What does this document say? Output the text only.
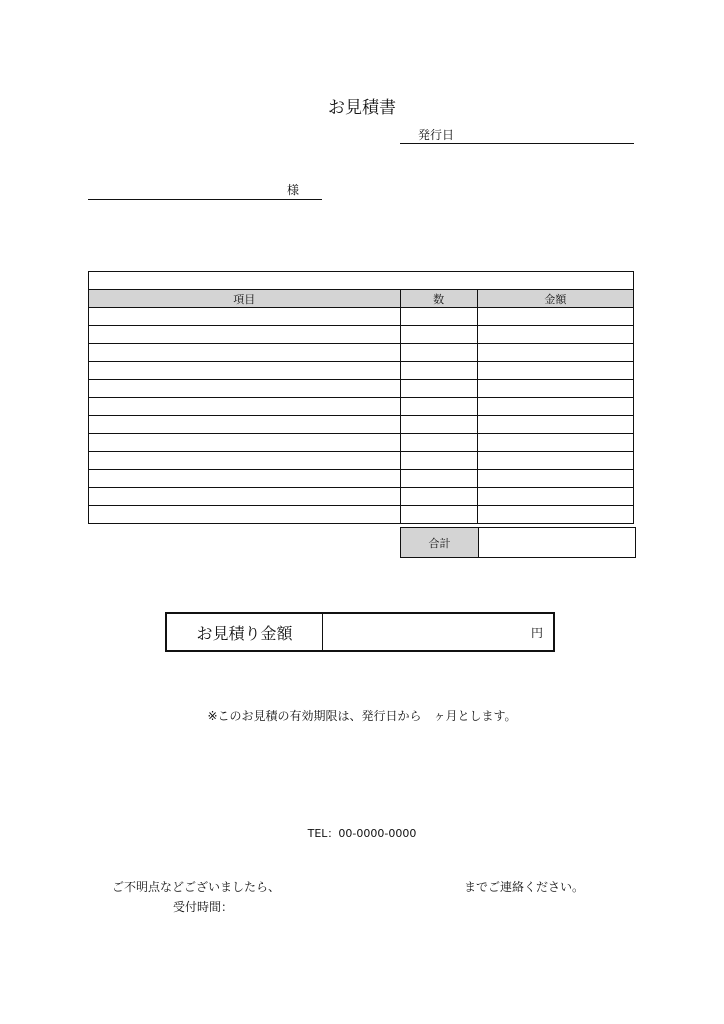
お見積書
発行日
様

項目	数	金額

合計	
お見積り金額	円
※このお見積の有効期限は、発行日から　ヶ月とします。
TEL：00-0000-0000
ご不明点などございましたら、	までご連絡ください。
受付時間：
